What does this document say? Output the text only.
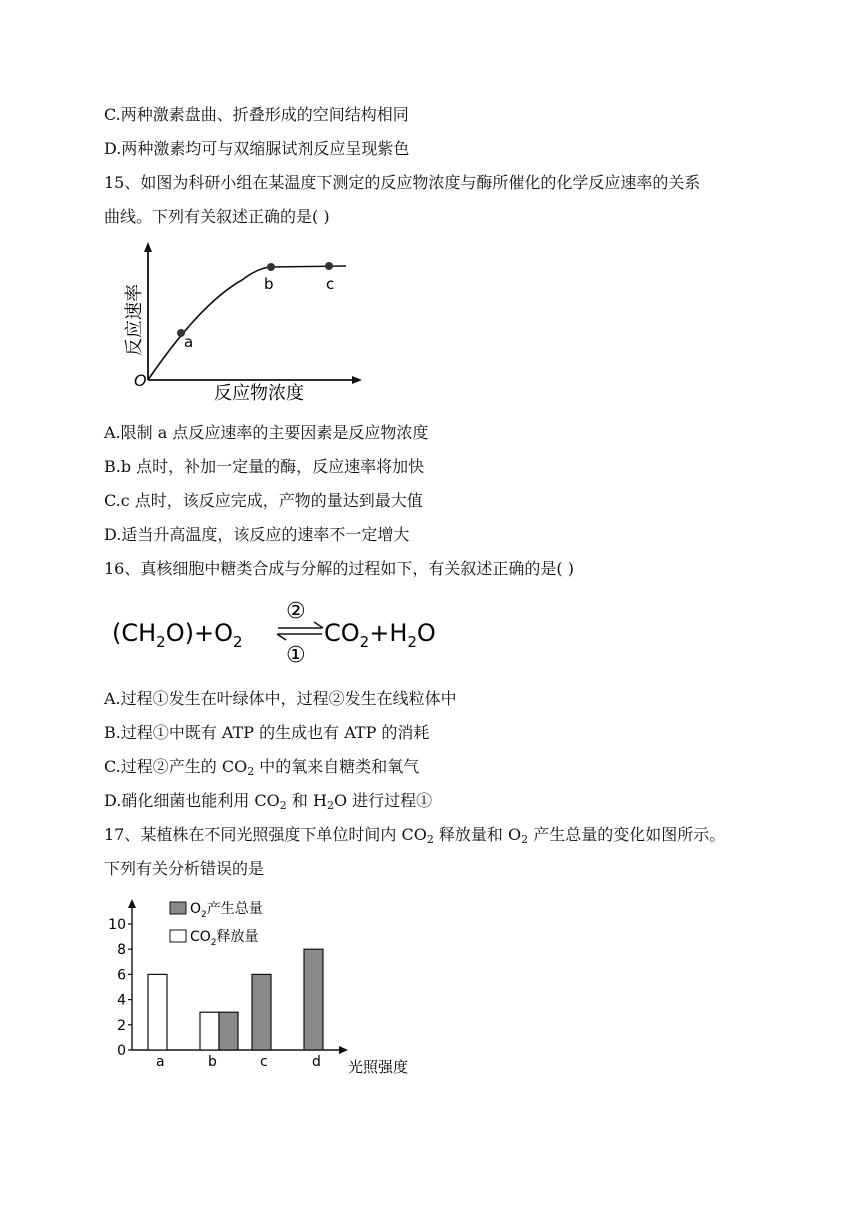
C.两种激素盘曲、折叠形成的空间结构相同
D.两种激素均可与双缩脲试剂反应呈现紫色
15、如图为科研小组在某温度下测定的反应物浓度与酶所催化的化学反应速率的关系
曲线。下列有关叙述正确的是( )
a
b	c
O
反应物浓度
反应速率
A.限制 a 点反应速率的主要因素是反应物浓度
B.b 点时，补加一定量的酶，反应速率将加快
C.c 点时，该反应完成，产物的量达到最大值
D.适当升高温度，该反应的速率不一定增大
16、真核细胞中糖类合成与分解的过程如下，有关叙述正确的是( )
$(CH_2O)+O_2$
②
①
$CO_2+H_2O$
A.过程①发生在叶绿体中，过程②发生在线粒体中
B.过程①中既有 ATP 的生成也有 ATP 的消耗
C.过程②产生的 $CO_2$ 中的氧来自糖类和氧气
D.硝化细菌也能利用 $CO_2$ 和 $H_2O$ 进行过程①
17、某植株在不同光照强度下单位时间内 $CO_2$ 释放量和 $O_2$ 产生总量的变化如图所示。
下列有关分析错误的是
0
2
4
6
8
10
a	b	c	d
$O_2$产生总量
$CO_2$释放量
光照强度
